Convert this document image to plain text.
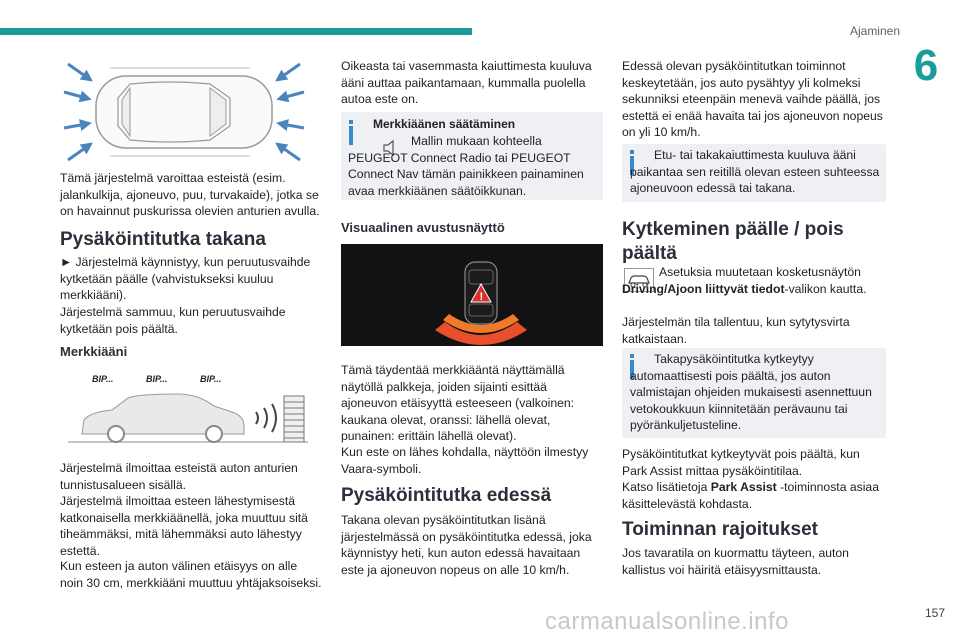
Ajaminen
6

Tämä järjestelmä varoittaa esteistä (esim. jalankulkija, ajoneuvo, puu, turvakaide), jotka se on havainnut puskurissa olevien anturien avulla.

Pysäköintitutka takana

► Järjestelmä käynnistyy, kun peruutusvaihde kytketään päälle (vahvistukseksi kuuluu merkkiääni).

Järjestelmä sammuu, kun peruutusvaihde kytketään pois päältä.

Merkkiääni
BIP...	BIP...	BIP...

Järjestelmä ilmoittaa esteistä auton anturien tunnistusalueen sisällä.

Järjestelmä ilmoittaa esteen lähestymisestä katkonaisella merkkiäänellä, joka muuttuu sitä tiheämmäksi, mitä lähemmäksi auto lähestyy estettä.

Kun esteen ja auton välinen etäisyys on alle noin 30 cm, merkkiääni muuttuu yhtäjaksoiseksi.

Oikeasta tai vasemmasta kaiuttimesta kuuluva ääni auttaa paikantamaan, kummalla puolella autoa este on.

Merkkiäänen säätäminen
Mallin mukaan kohteella PEUGEOT Connect Radio tai PEUGEOT Connect Nav tämän painikkeen painaminen avaa merkkiäänen säätöikkunan.
Visuaalinen avustusnäyttö
!

Tämä täydentää merkkiääntä näyttämällä näytöllä palkkeja, joiden sijainti esittää ajoneuvon etäisyyttä esteeseen (valkoinen: kaukana olevat, oranssi: lähellä olevat, punainen: erittäin lähellä olevat).

Kun este on lähes kohdalla, näyttöön ilmestyy Vaara-symboli.

Pysäköintitutka edessä

Takana olevan pysäköintitutkan lisänä järjestelmässä on pysäköintitutka edessä, joka käynnistyy heti, kun auton edessä havaitaan este ja ajoneuvon nopeus on alle 10 km/h.

Edessä olevan pysäköintitutkan toiminnot keskeytetään, jos auto pysähtyy yli kolmeksi sekunniksi eteenpäin menevä vaihde päällä, jos estettä ei enää havaita tai jos ajoneuvon nopeus on yli 10 km/h.

Etu- tai takakaiuttimesta kuuluva ääni paikantaa sen reitillä olevan esteen suhteessa ajoneuvoon edessä tai takana.
Kytkeminen päälle / pois päältä
Asetuksia muutetaan kosketusnäytön Driving/Ajoon liittyvät tiedot-valikon kautta.

Järjestelmän tila tallentuu, kun sytytysvirta katkaistaan.

Takapysäköintitutka kytkeytyy automaattisesti pois päältä, jos auton valmistajan ohjeiden mukaisesti asennettuun vetokoukkuun kiinnitetään perävaunu tai pyöränkuljetusteline.

Pysäköintitutkat kytkeytyvät pois päältä, kun Park Assist mittaa pysäköintitilaa.

Katso lisätietoja Park Assist -toiminnosta asiaa käsittelevästä kohdasta.
Toiminnan rajoitukset

Jos tavaratila on kuormattu täyteen, auton kallistus voi häiritä etäisyysmittausta.

carmanualsonline.info	157
